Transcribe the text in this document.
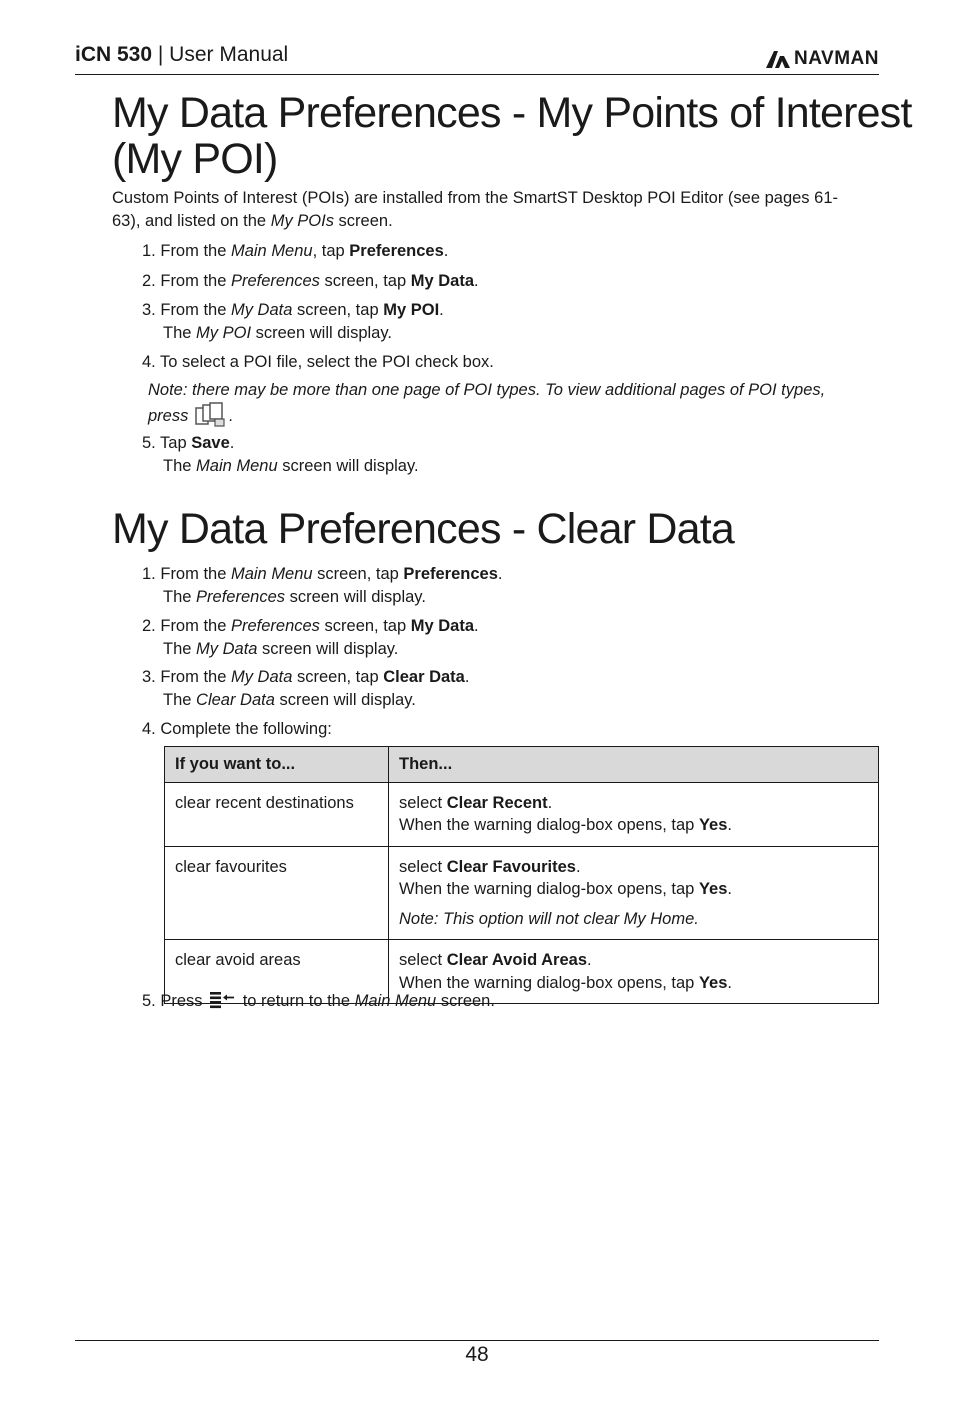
iCN 530 | User Manual	NAVMAN
My Data Preferences - My Points of Interest
(My POI)
Custom Points of Interest (POIs) are installed from the SmartST Desktop POI Editor (see pages 61-
63), and listed on the My POIs screen.
1. From the Main Menu, tap Preferences.
2. From the Preferences screen, tap My Data.
3. From the My Data screen, tap My POI.
The My POI screen will display.
4. To select a POI file, select the POI check box.
Note: there may be more than one page of POI types. To view additional pages of POI types,
press .
5. Tap Save.
The Main Menu screen will display.
My Data Preferences - Clear Data
1. From the Main Menu screen, tap Preferences.
The Preferences screen will display.
2. From the Preferences screen, tap My Data.
The My Data screen will display.
3. From the My Data screen, tap Clear Data.
The Clear Data screen will display.
4. Complete the following:
If you want to...	Then...
clear recent destinations	select Clear Recent.
When the warning dialog-box opens, tap Yes.
clear favourites	select Clear Favourites.
When the warning dialog-box opens, tap Yes.
Note: This option will not clear My Home.

clear avoid areas	select Clear Avoid Areas.
When the warning dialog-box opens, tap Yes.
5. Press  to return to the Main Menu screen.
48
